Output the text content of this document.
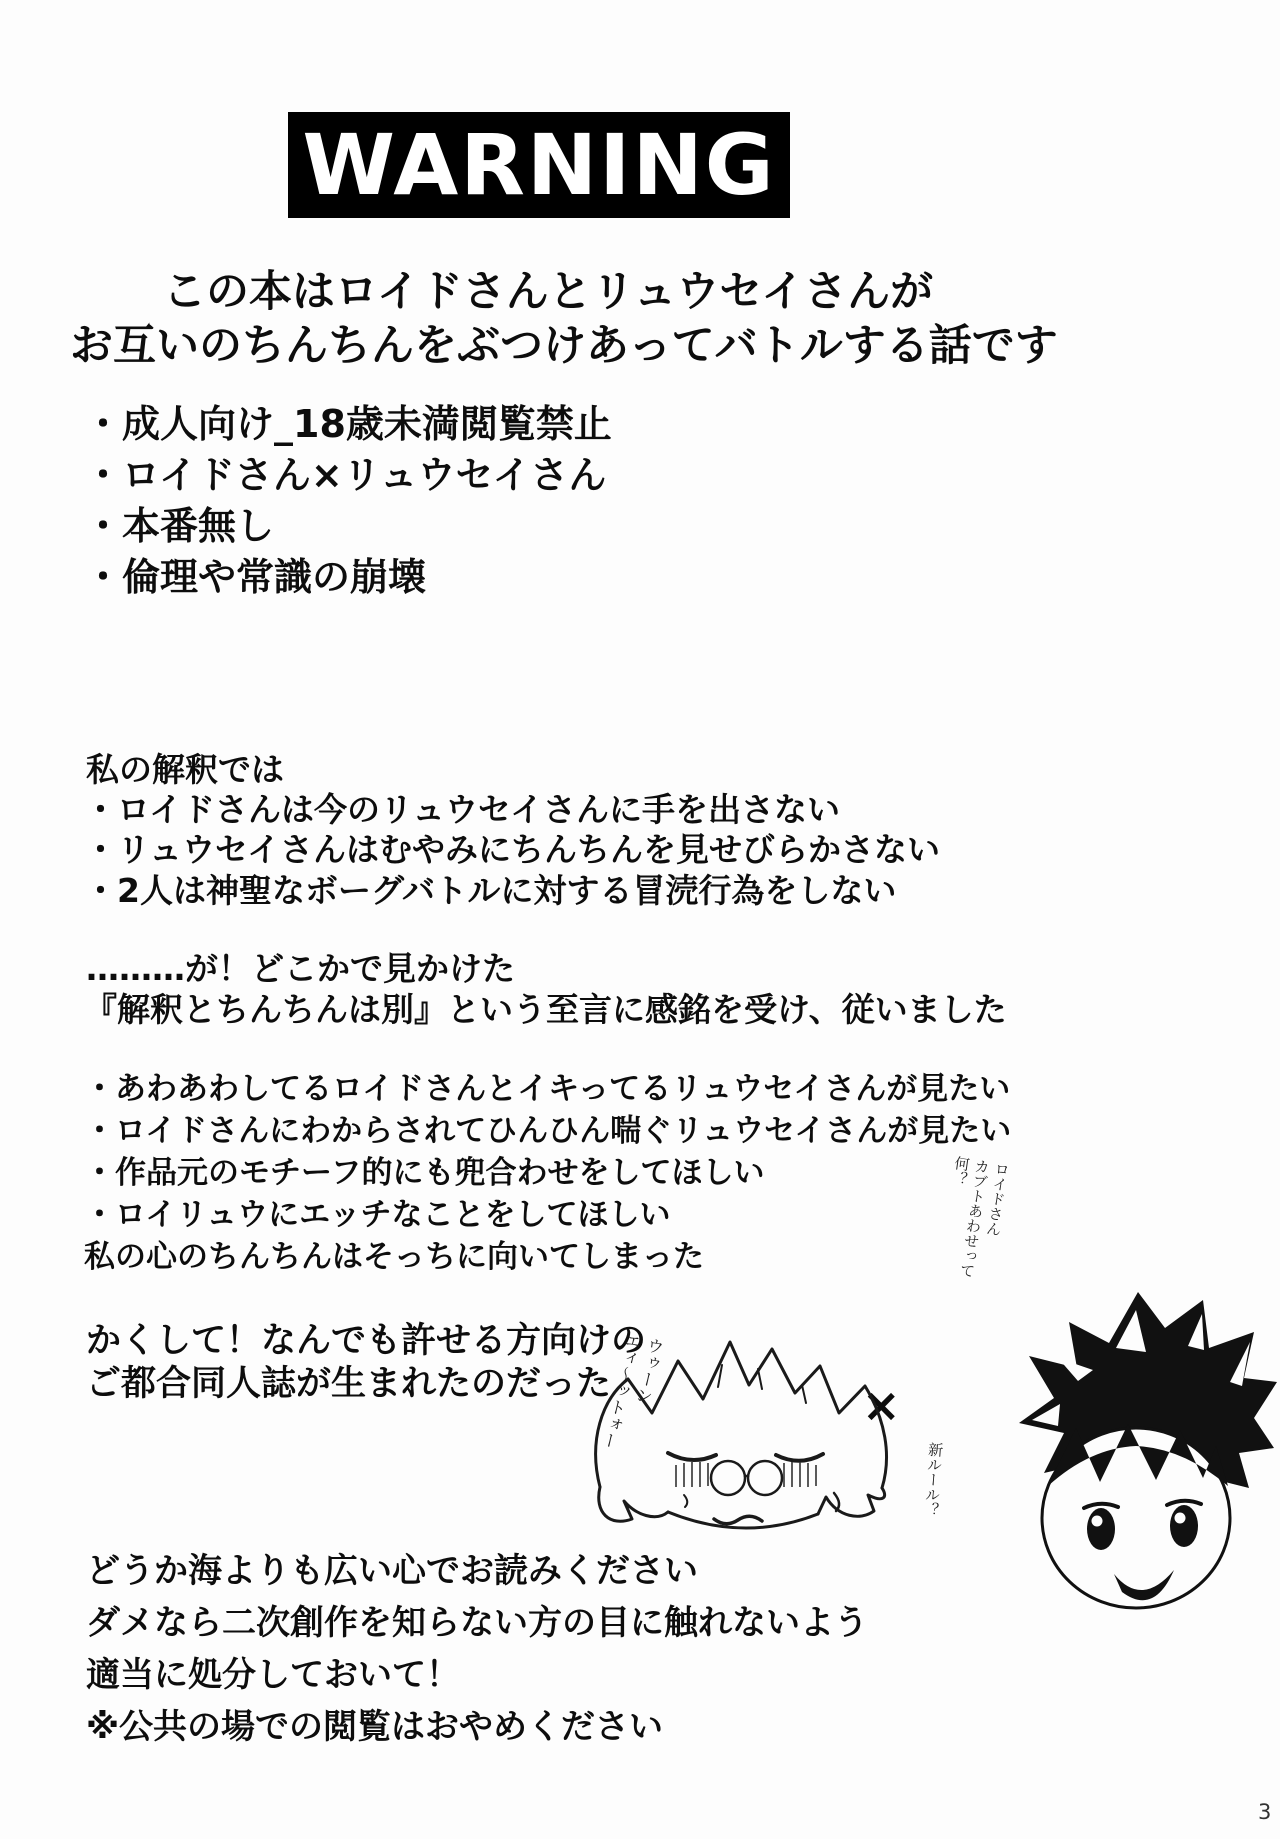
WARNING
この本はロイドさんとリュウセイさんが
お互いのちんちんをぶつけあってバトルする話です
・成人向け_18歳未満閲覧禁止
・ロイドさん×リュウセイさん
・本番無し
・倫理や常識の崩壊
私の解釈では
・ロイドさんは今のリュウセイさんに手を出さない
・リュウセイさんはむやみにちんちんを見せびらかさない
・2人は神聖なボーグバトルに対する冒涜行為をしない
………が！どこかで見かけた
『解釈とちんちんは別』という至言に感銘を受け、従いました
・あわあわしてるロイドさんとイキってるリュウセイさんが見たい
・ロイドさんにわからされてひんひん喘ぐリュウセイさんが見たい
・作品元のモチーフ的にも兜合わせをしてほしい
・ロイリュウにエッチなことをしてほしい
私の心のちんちんはそっちに向いてしまった
かくして！なんでも許せる方向けの
ご都合同人誌が生まれたのだった	ウゥーン
エィ〜ットォー	×
ロイドさん
カブトあわせって
何？
新ルール？
どうか海よりも広い心でお読みください
ダメなら二次創作を知らない方の目に触れないよう
適当に処分しておいて！
※公共の場での閲覧はおやめください
3
